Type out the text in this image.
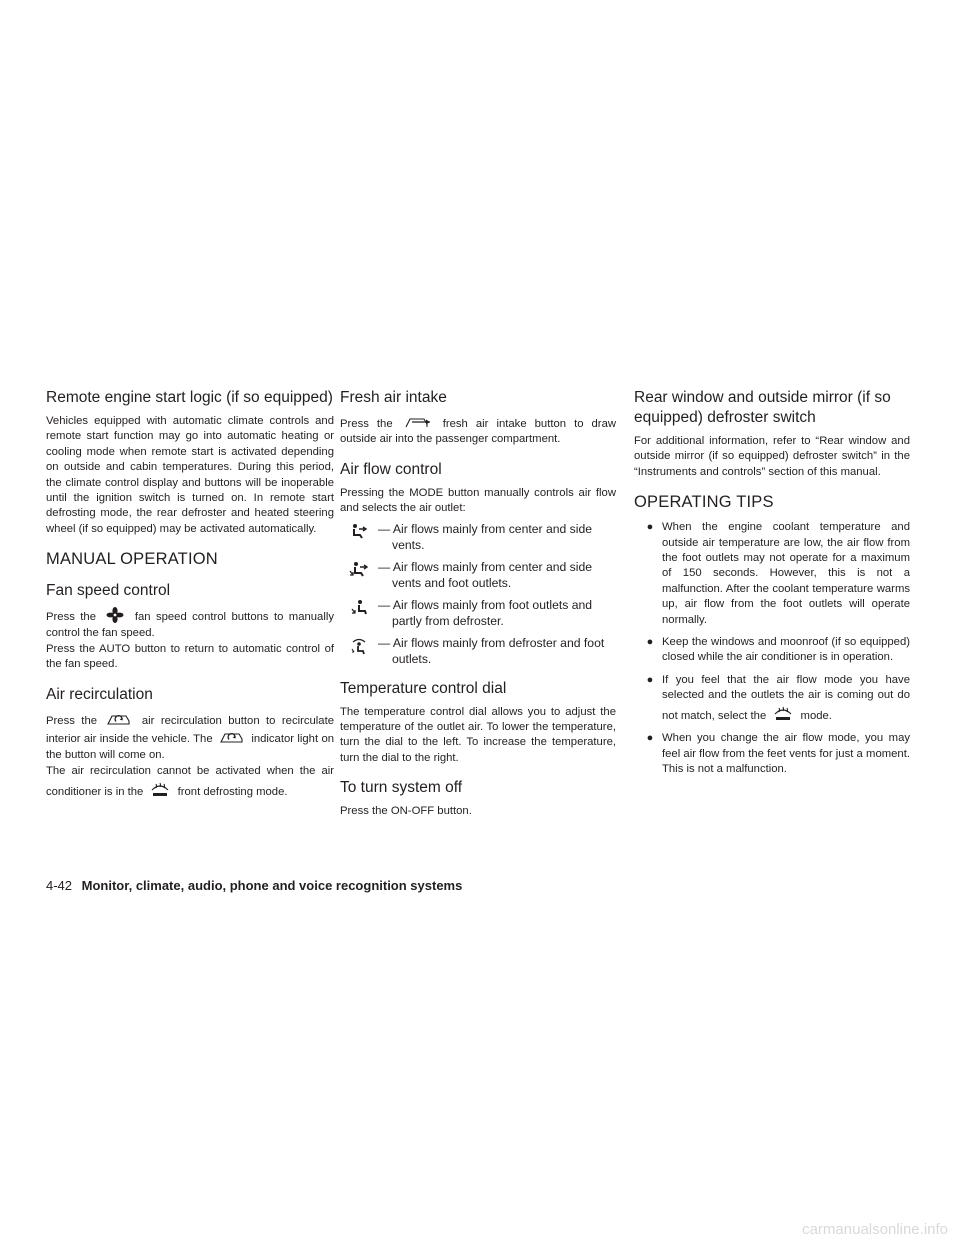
Remote engine start logic (if so equipped)

Vehicles equipped with automatic climate controls and remote start function may go into automatic heating or cooling mode when remote start is activated depending on outside and cabin temperatures. During this period, the climate control display and buttons will be inoperable until the ignition switch is turned on. In remote start defrosting mode, the rear defroster and heated steering wheel (if so equipped) may be activated automatically.

MANUAL OPERATION
Fan speed control

Press the	fan speed control buttons to manually control the fan speed.

Press the AUTO button to return to automatic control of the fan speed.

Air recirculation

Press the	air recirculation button to recirculate interior air inside the vehicle. The	indicator light on the button will come on.

The air recirculation cannot be activated when the air conditioner is in the	front defrosting mode.

Fresh air intake

Press the	fresh air intake button to draw outside air into the passenger compartment.

Air flow control

Pressing the MODE button manually controls air flow and selects the air outlet:

— Air flows mainly from center and side vents.
— Air flows mainly from center and side vents and foot outlets.
— Air flows mainly from foot outlets and partly from defroster.
— Air flows mainly from defroster and foot outlets.
Temperature control dial

The temperature control dial allows you to adjust the temperature of the outlet air. To lower the temperature, turn the dial to the left. To increase the temperature, turn the dial to the right.

To turn system off

Press the ON-OFF button.

Rear window and outside mirror (if so equipped) defroster switch

For additional information, refer to “Rear window and outside mirror (if so equipped) defroster switch” in the “Instruments and controls” section of this manual.

OPERATING TIPS
● When the engine coolant temperature and outside air temperature are low, the air flow from the foot outlets may not operate for a maximum of 150 seconds. However, this is not a malfunction. After the coolant temperature warms up, air flow from the foot outlets will operate normally.
● Keep the windows and moonroof (if so equipped) closed while the air conditioner is in operation.
● If you feel that the air flow mode you have selected and the outlets the air is coming out do not match, select the	mode.
● When you change the air flow mode, you may feel air flow from the feet vents for just a moment. This is not a malfunction.
4-42 Monitor, climate, audio, phone and voice recognition systems
carmanualsonline.info
